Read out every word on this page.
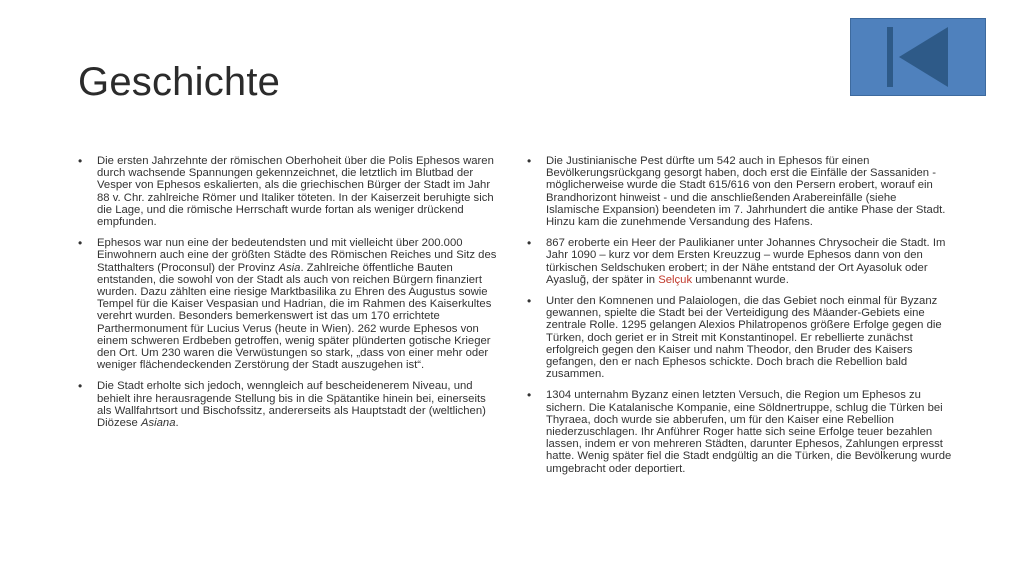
Geschichte
• Die ersten Jahrzehnte der römischen Oberhoheit über die Polis Ephesos waren durch wachsende Spannungen gekennzeichnet, die letztlich im Blutbad der Vesper von Ephesos eskalierten, als die griechischen Bürger der Stadt im Jahr 88 v. Chr. zahlreiche Römer und Italiker töteten. In der Kaiserzeit beruhigte sich die Lage, und die römische Herrschaft wurde fortan als weniger drückend empfunden.
• Ephesos war nun eine der bedeutendsten und mit vielleicht über 200.000 Einwohnern auch eine der größten Städte des Römischen Reiches und Sitz des Statthalters (Proconsul) der Provinz Asia. Zahlreiche öffentliche Bauten entstanden, die sowohl von der Stadt als auch von reichen Bürgern finanziert wurden. Dazu zählten eine riesige Marktbasilika zu Ehren des Augustus sowie Tempel für die Kaiser Vespasian und Hadrian, die im Rahmen des Kaiserkultes verehrt wurden. Besonders bemerkenswert ist das um 170 errichtete Parthermonument für Lucius Verus (heute in Wien). 262 wurde Ephesos von einem schweren Erdbeben getroffen, wenig später plünderten gotische Krieger den Ort. Um 230 waren die Verwüstungen so stark, „dass von einer mehr oder weniger flächendeckenden Zerstörung der Stadt auszugehen ist“.
• Die Stadt erholte sich jedoch, wenngleich auf bescheidenerem Niveau, und behielt ihre herausragende Stellung bis in die Spätantike hinein bei, einerseits als Wallfahrtsort und Bischofssitz, andererseits als Hauptstadt der (weltlichen) Diözese Asiana.
• Die Justinianische Pest dürfte um 542 auch in Ephesos für einen Bevölkerungsrückgang gesorgt haben, doch erst die Einfälle der Sassaniden - möglicherweise wurde die Stadt 615/616 von den Persern erobert, worauf ein Brandhorizont hinweist - und die anschließenden Arabereinfälle (siehe Islamische Expansion) beendeten im 7. Jahrhundert die antike Phase der Stadt. Hinzu kam die zunehmende Versandung des Hafens.
• 867 eroberte ein Heer der Paulikianer unter Johannes Chrysocheir die Stadt. Im Jahr 1090 – kurz vor dem Ersten Kreuzzug – wurde Ephesos dann von den türkischen Seldschuken erobert; in der Nähe entstand der Ort Ayasoluk oder Ayasluğ, der später in Selçuk umbenannt wurde.
• Unter den Komnenen und Palaiologen, die das Gebiet noch einmal für Byzanz gewannen, spielte die Stadt bei der Verteidigung des Mäander-Gebiets eine zentrale Rolle. 1295 gelangen Alexios Philatropenos größere Erfolge gegen die Türken, doch geriet er in Streit mit Konstantinopel. Er rebellierte zunächst erfolgreich gegen den Kaiser und nahm Theodor, den Bruder des Kaisers gefangen, den er nach Ephesos schickte. Doch brach die Rebellion bald zusammen.
• 1304 unternahm Byzanz einen letzten Versuch, die Region um Ephesos zu sichern. Die Katalanische Kompanie, eine Söldnertruppe, schlug die Türken bei Thyraea, doch wurde sie abberufen, um für den Kaiser eine Rebellion niederzuschlagen. Ihr Anführer Roger hatte sich seine Erfolge teuer bezahlen lassen, indem er von mehreren Städten, darunter Ephesos, Zahlungen erpresst hatte. Wenig später fiel die Stadt endgültig an die Türken, die Bevölkerung wurde umgebracht oder deportiert.
